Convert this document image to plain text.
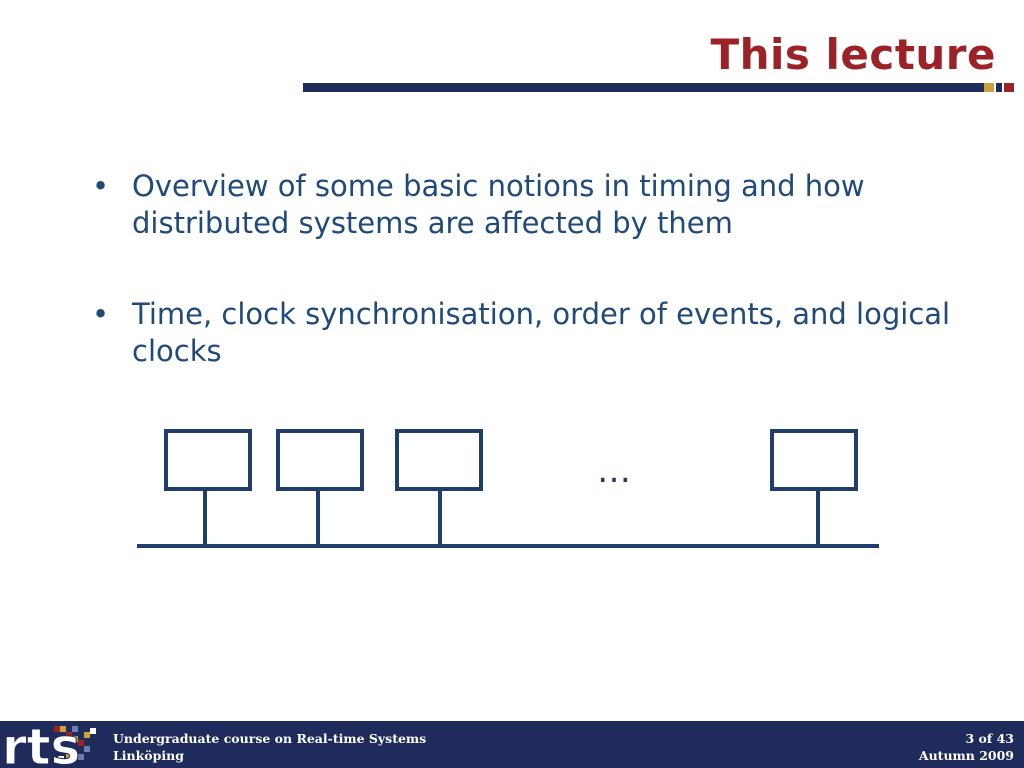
This lecture
• Overview of some basic notions in timing and how distributed systems are affected by them
• Time, clock synchronisation, order of events, and logical clocks
…
rts	Undergraduate course on Real-time Systems
Linköping
3 of 43
Autumn 2009
